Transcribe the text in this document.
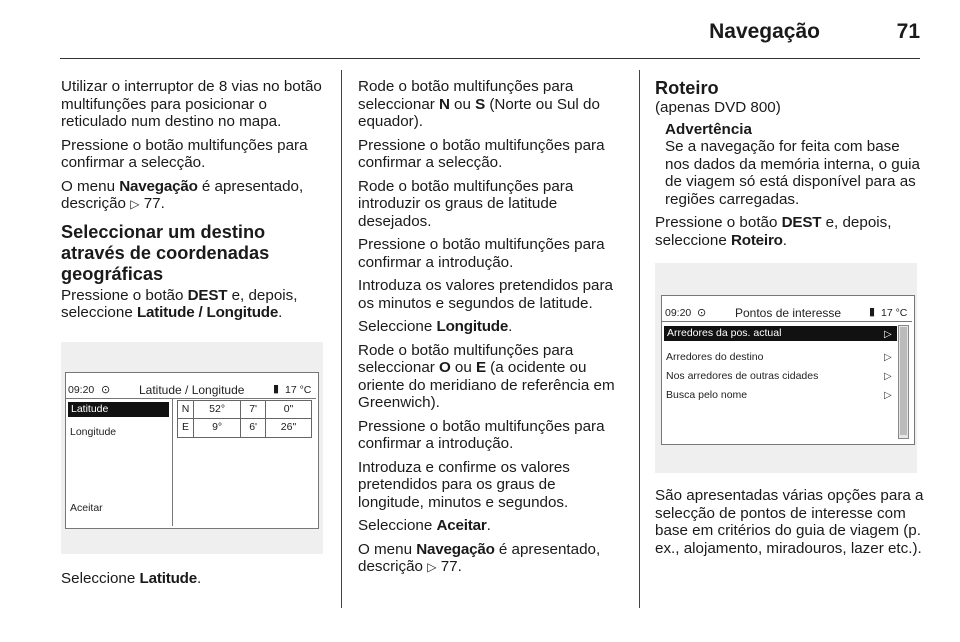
Navegação	71

Utilizar o interruptor de 8 vias no botão multifunções para posicionar o reticulado num destino no mapa.

Pressione o botão multifunções para confirmar a selecção.

O menu Navegação é apresentado, descrição ▷ 77.

Seleccionar um destino através de coordenadas geográficas

Pressione o botão DEST e, depois, seleccione Latitude / Longitude.

09:20 ⊙ Latitude / Longitude	▮ 17 °C
Latitude
Longitude
Aceitar
N	52°	7'	0"
E	9°	6'	26"

Seleccione Latitude.

Rode o botão multifunções para seleccionar N ou S (Norte ou Sul do equador).

Pressione o botão multifunções para confirmar a selecção.

Rode o botão multifunções para introduzir os graus de latitude desejados.

Pressione o botão multifunções para confirmar a introdução.

Introduza os valores pretendidos para os minutos e segundos de latitude.

Seleccione Longitude.

Rode o botão multifunções para seleccionar O ou E (a ocidente ou oriente do meridiano de referência em Greenwich).

Pressione o botão multifunções para confirmar a introdução.

Introduza e confirme os valores pretendidos para os graus de longitude, minutos e segundos.

Seleccione Aceitar.

O menu Navegação é apresentado, descrição ▷ 77.

Roteiro

(apenas DVD 800)

Advertência

Se a navegação for feita com base nos dados da memória interna, o guia de viagem só está disponível para as regiões carregadas.

Pressione o botão DEST e, depois, seleccione Roteiro.

09:20 ⊙ Pontos de interesse	▮ 17 °C
Arredores da pos. actual	▷
Arredores do destino	▷
Nos arredores de outras cidades	▷
Busca pelo nome	▷

São apresentadas várias opções para a selecção de pontos de interesse com base em critérios do guia de viagem (p. ex., alojamento, miradouros, lazer etc.).
